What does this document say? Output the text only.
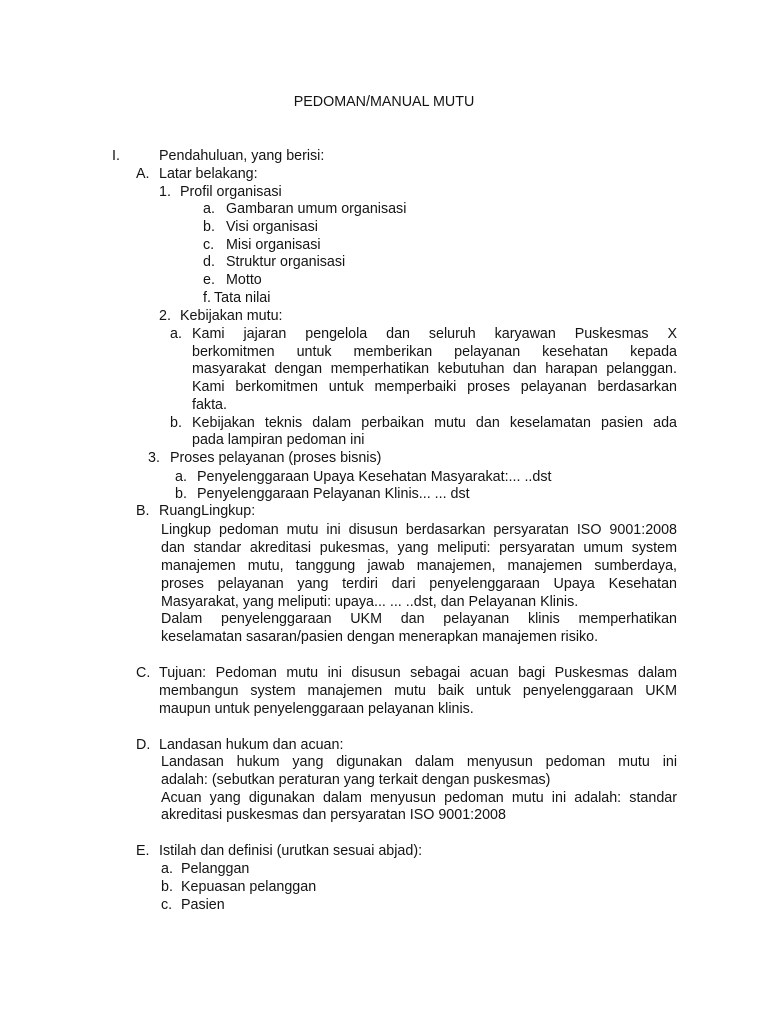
PEDOMAN/MANUAL MUTU
I.	Pendahuluan, yang berisi:
A. Latar belakang:
1. Profil organisasi
a. Gambaran umum organisasi
b. Visi organisasi
c. Misi organisasi
d. Struktur organisasi
e. Motto
f. Tata nilai
2. Kebijakan mutu:
a. Kami jajaran pengelola dan seluruh karyawan Puskesmas X
berkomitmen untuk memberikan pelayanan kesehatan kepada
masyarakat dengan memperhatikan kebutuhan dan harapan pelanggan.
Kami berkomitmen untuk memperbaiki proses pelayanan berdasarkan
fakta.
b. Kebijakan teknis dalam perbaikan mutu dan keselamatan pasien ada
pada lampiran pedoman ini
3. Proses pelayanan (proses bisnis)
a. Penyelenggaraan Upaya Kesehatan Masyarakat:... ..dst
b. Penyelenggaraan Pelayanan Klinis... ... dst
B. RuangLingkup:
Lingkup pedoman mutu ini disusun berdasarkan persyaratan ISO 9001:2008
dan standar akreditasi pukesmas, yang meliputi: persyaratan umum system
manajemen mutu, tanggung jawab manajemen, manajemen sumberdaya,
proses pelayanan yang terdiri dari penyelenggaraan Upaya Kesehatan
Masyarakat, yang meliputi: upaya... ... ..dst, dan Pelayanan Klinis.
Dalam penyelenggaraan UKM dan pelayanan klinis memperhatikan
keselamatan sasaran/pasien dengan menerapkan manajemen risiko.
C. Tujuan: Pedoman mutu ini disusun sebagai acuan bagi Puskesmas dalam
membangun system manajemen mutu baik untuk penyelenggaraan UKM
maupun untuk penyelenggaraan pelayanan klinis.
D. Landasan hukum dan acuan:
Landasan hukum yang digunakan dalam menyusun pedoman mutu ini
adalah: (sebutkan peraturan yang terkait dengan puskesmas)
Acuan yang digunakan dalam menyusun pedoman mutu ini adalah: standar
akreditasi puskesmas dan persyaratan ISO 9001:2008
E. Istilah dan definisi (urutkan sesuai abjad):
a. Pelanggan
b. Kepuasan pelanggan
c. Pasien
